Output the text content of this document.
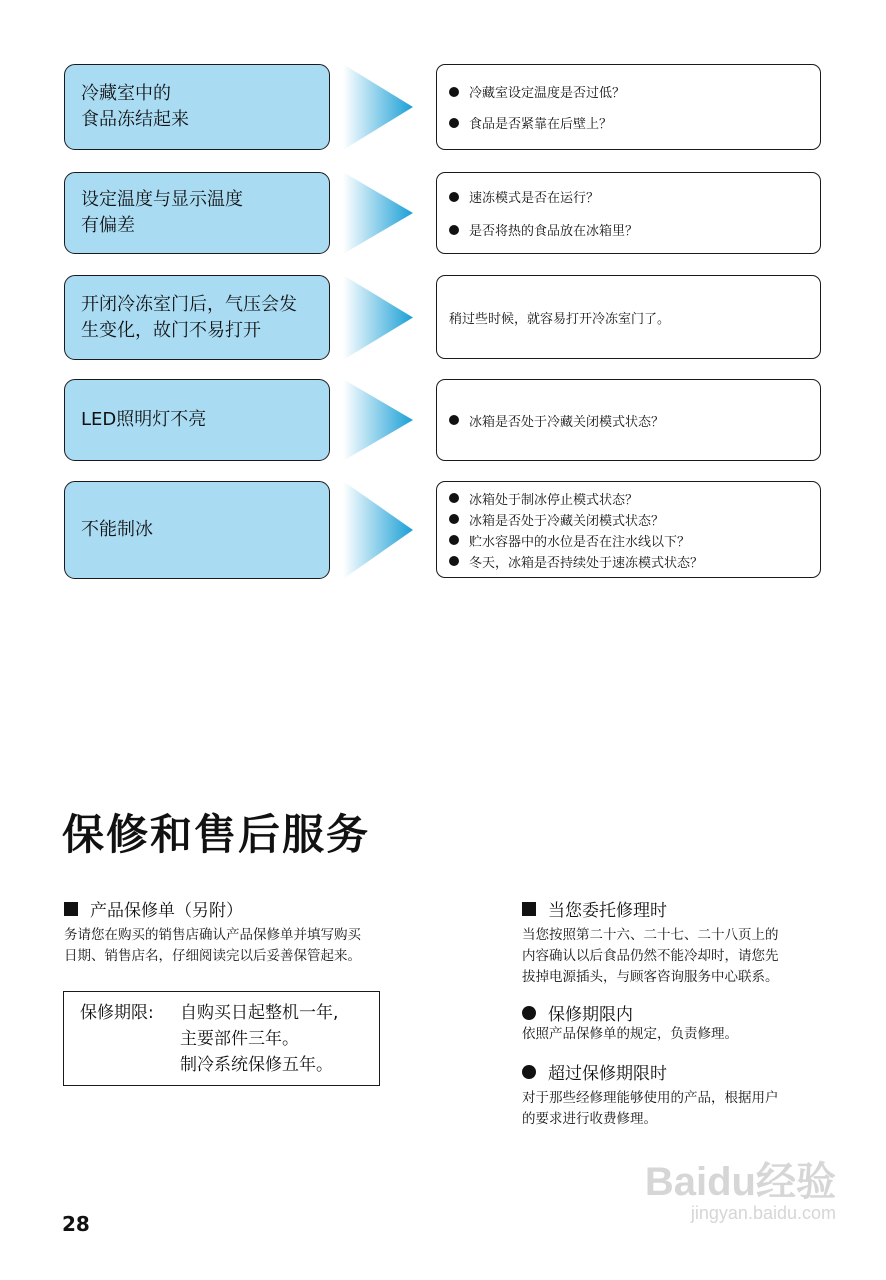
冷藏室中的
食品冻结起来
冷藏室设定温度是否过低？
食品是否紧靠在后壁上？
设定温度与显示温度
有偏差
速冻模式是否在运行？
是否将热的食品放在冰箱里？
开闭冷冻室门后，气压会发
生变化，故门不易打开
稍过些时候，就容易打开冷冻室门了。
LED照明灯不亮	冰箱是否处于冷藏关闭模式状态？
不能制冰
冰箱处于制冰停止模式状态？
冰箱是否处于冷藏关闭模式状态？
贮水容器中的水位是否在注水线以下？
冬天，冰箱是否持续处于速冻模式状态？
保修和售后服务
产品保修单（另附）
务请您在购买的销售店确认产品保修单并填写购买
日期、销售店名，仔细阅读完以后妥善保管起来。
保修期限: 自购买日起整机一年,
主要部件三年。
制冷系统保修五年。
当您委托修理时
当您按照第二十六、二十七、二十八页上的
内容确认以后食品仍然不能冷却时，请您先
拔掉电源插头，与顾客咨询服务中心联系。
保修期限内
依照产品保修单的规定，负责修理。
超过保修期限时
对于那些经修理能够使用的产品，根据用户
的要求进行收费修理。
28
Baidu经验
jingyan.baidu.com
